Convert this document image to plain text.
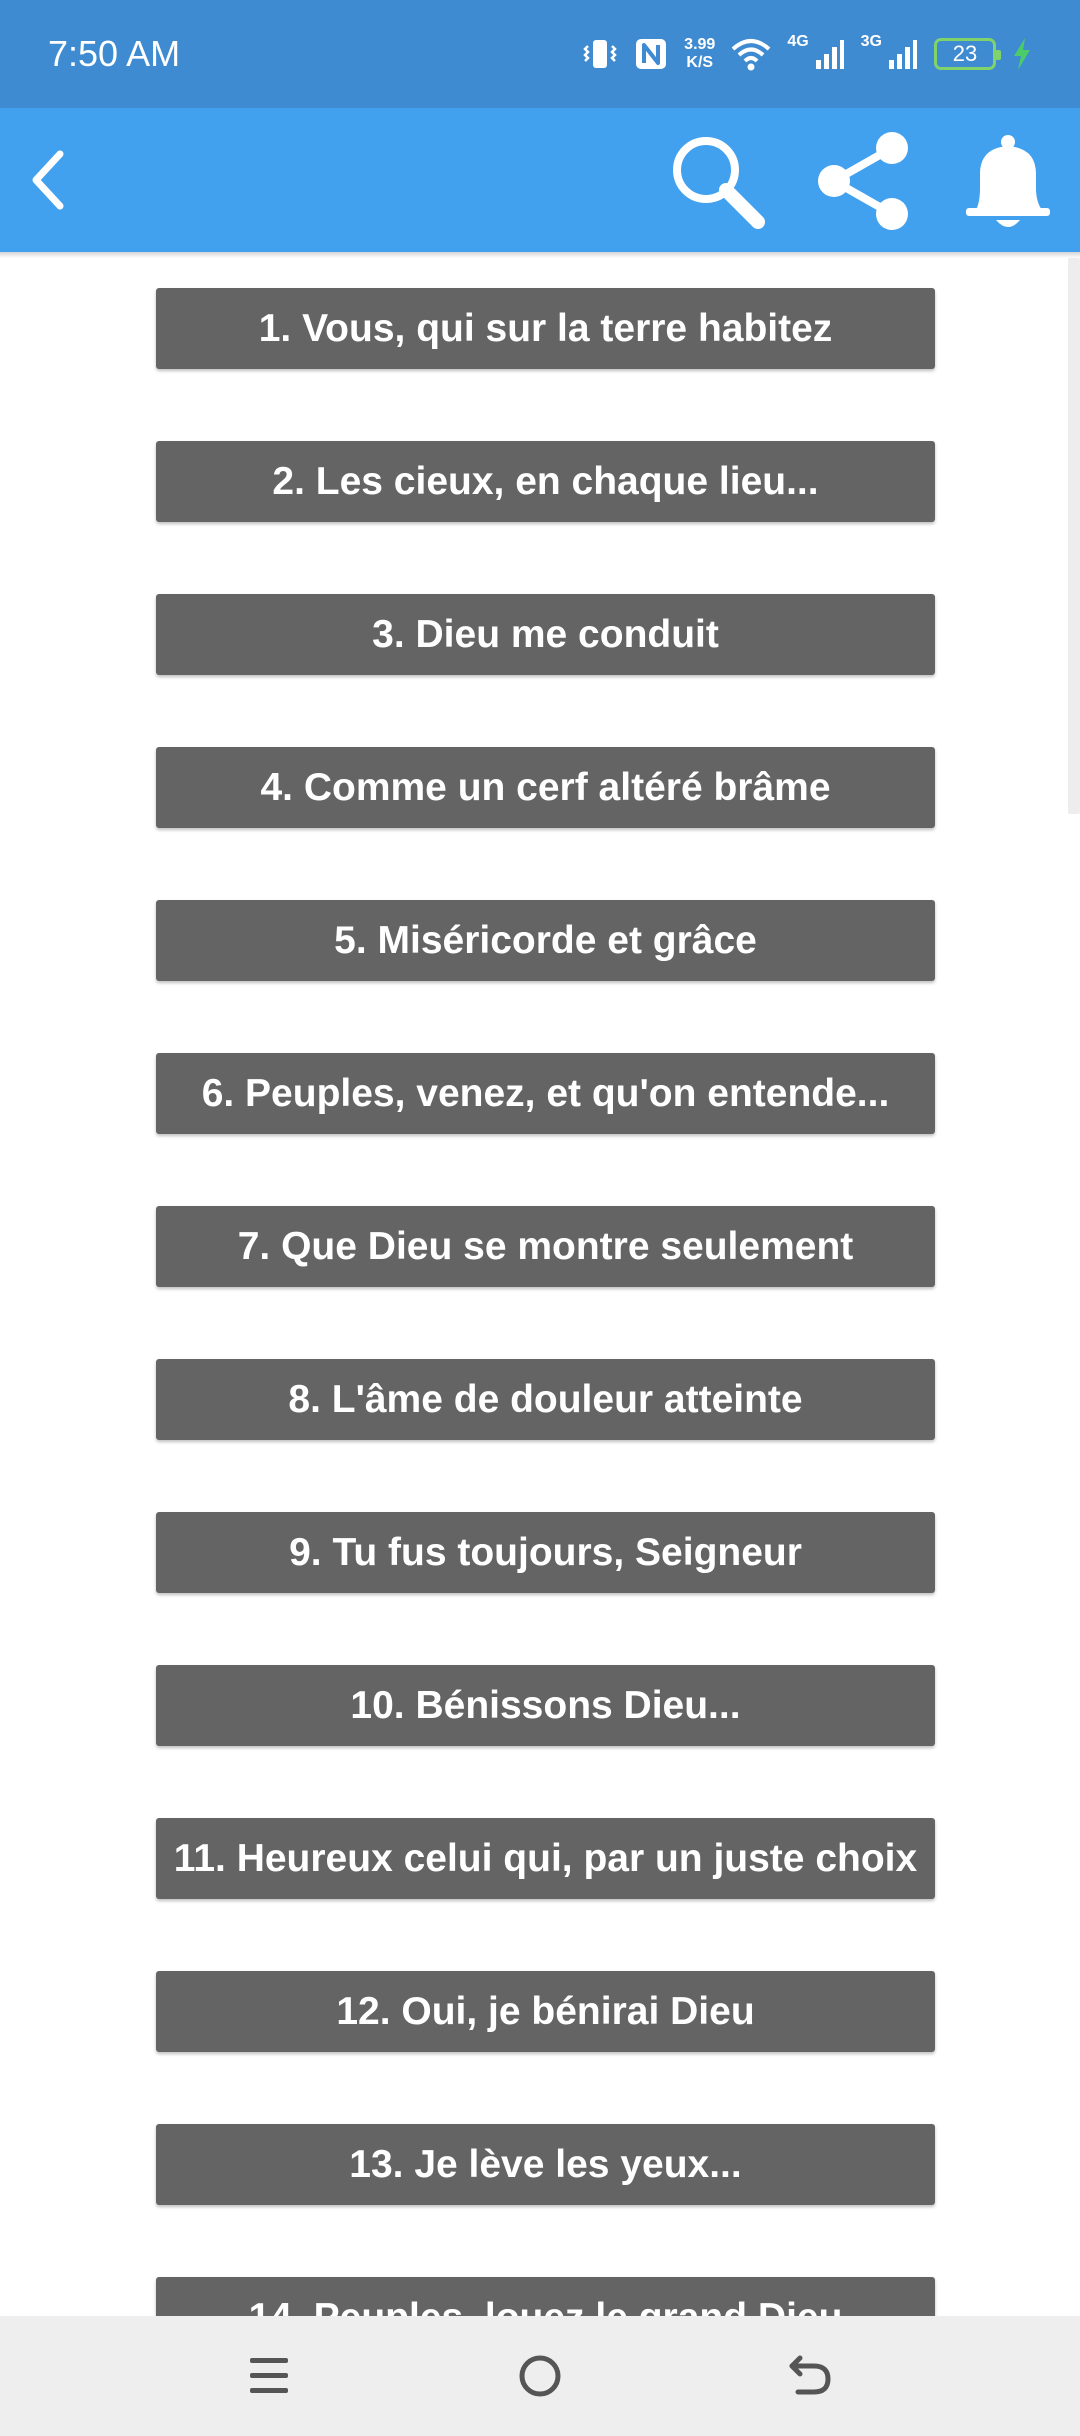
7:50 AM	3.99
K/S
4G	3G	23
1. Vous, qui sur la terre habitez
2. Les cieux, en chaque lieu...
3. Dieu me conduit
4. Comme un cerf altéré brâme
5. Miséricorde et grâce
6. Peuples, venez, et qu'on entende...
7. Que Dieu se montre seulement
8. L'âme de douleur atteinte
9. Tu fus toujours, Seigneur
10. Bénissons Dieu...
11. Heureux celui qui, par un juste choix
12. Oui, je bénirai Dieu
13. Je lève les yeux...
